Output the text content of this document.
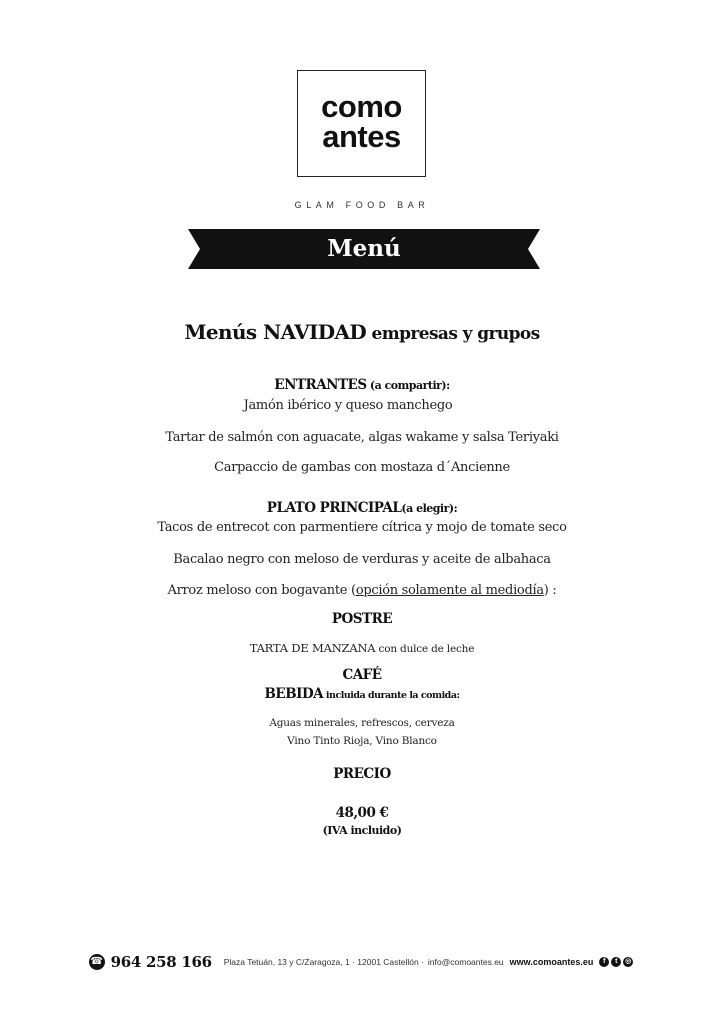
como
antes
GLAM FOOD BAR
Menú
Menús NAVIDAD empresas y grupos
ENTRANTES (a compartir):
Jamón ibérico y queso manchego
Tartar de salmón con aguacate, algas wakame y salsa Teriyaki
Carpaccio de gambas con mostaza d´Ancienne
PLATO PRINCIPAL(a elegir):
Tacos de entrecot con parmentiere cítrica y mojo de tomate seco
Bacalao negro con meloso de verduras y aceite de albahaca
Arroz meloso con bogavante (opción solamente al mediodía) :
POSTRE
TARTA DE MANZANA con dulce de leche
CAFÉ
BEBIDA incluida durante la comida:
Aguas minerales, refrescos, cerveza
Vino Tinto Rioja, Vino Blanco
PRECIO
48,00 €
(IVA incluido)
☎ 964 258 166 Plaza Tetuán, 13 y C/Zaragoza, 1 · 12001 Castellón · info@comoantes.eu www.comoantes.eu	f	t	◎
